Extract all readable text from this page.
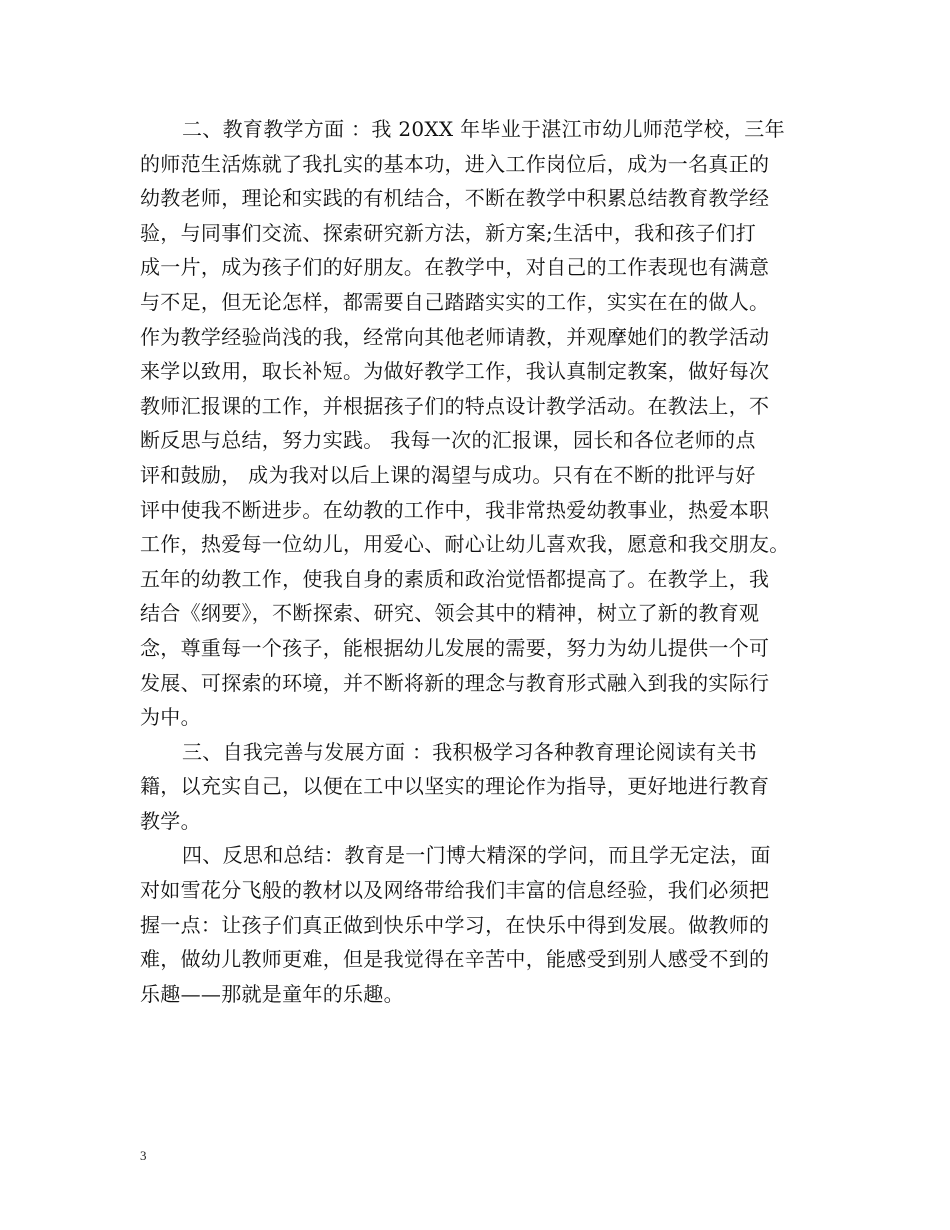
二、教育教学方面 ：我 20XX 年毕业于湛江市幼儿师范学校，三年
的师范生活炼就了我扎实的基本功，进入工作岗位后，成为一名真正的
幼教老师，理论和实践的有机结合，不断在教学中积累总结教育教学经
验，与同事们交流、探索研究新方法，新方案;生活中，我和孩子们打
成一片，成为孩子们的好朋友。在教学中，对自己的工作表现也有满意
与不足，但无论怎样，都需要自己踏踏实实的工作，实实在在的做人。
作为教学经验尚浅的我，经常向其他老师请教，并观摩她们的教学活动
来学以致用，取长补短。为做好教学工作，我认真制定教案，做好每次
教师汇报课的工作，并根据孩子们的特点设计教学活动。在教法上，不
断反思与总结，努力实践。 我每一次的汇报课，园长和各位老师的点
评和鼓励， 成为我对以后上课的渴望与成功。只有在不断的批评与好
评中使我不断进步。在幼教的工作中，我非常热爱幼教事业，热爱本职
工作，热爱每一位幼儿，用爱心、耐心让幼儿喜欢我，愿意和我交朋友。
五年的幼教工作，使我自身的素质和政治觉悟都提高了。在教学上，我
结合《纲要》，不断探索、研究、领会其中的精神，树立了新的教育观
念，尊重每一个孩子，能根据幼儿发展的需要，努力为幼儿提供一个可
发展、可探索的环境，并不断将新的理念与教育形式融入到我的实际行
为中。
三、自我完善与发展方面 ：我积极学习各种教育理论阅读有关书
籍，以充实自己，以便在工中以坚实的理论作为指导，更好地进行教育
教学。
四、反思和总结：教育是一门博大精深的学问，而且学无定法，面
对如雪花分飞般的教材以及网络带给我们丰富的信息经验，我们必须把
握一点：让孩子们真正做到快乐中学习，在快乐中得到发展。做教师的
难，做幼儿教师更难，但是我觉得在辛苦中，能感受到别人感受不到的
乐趣——那就是童年的乐趣。
3
